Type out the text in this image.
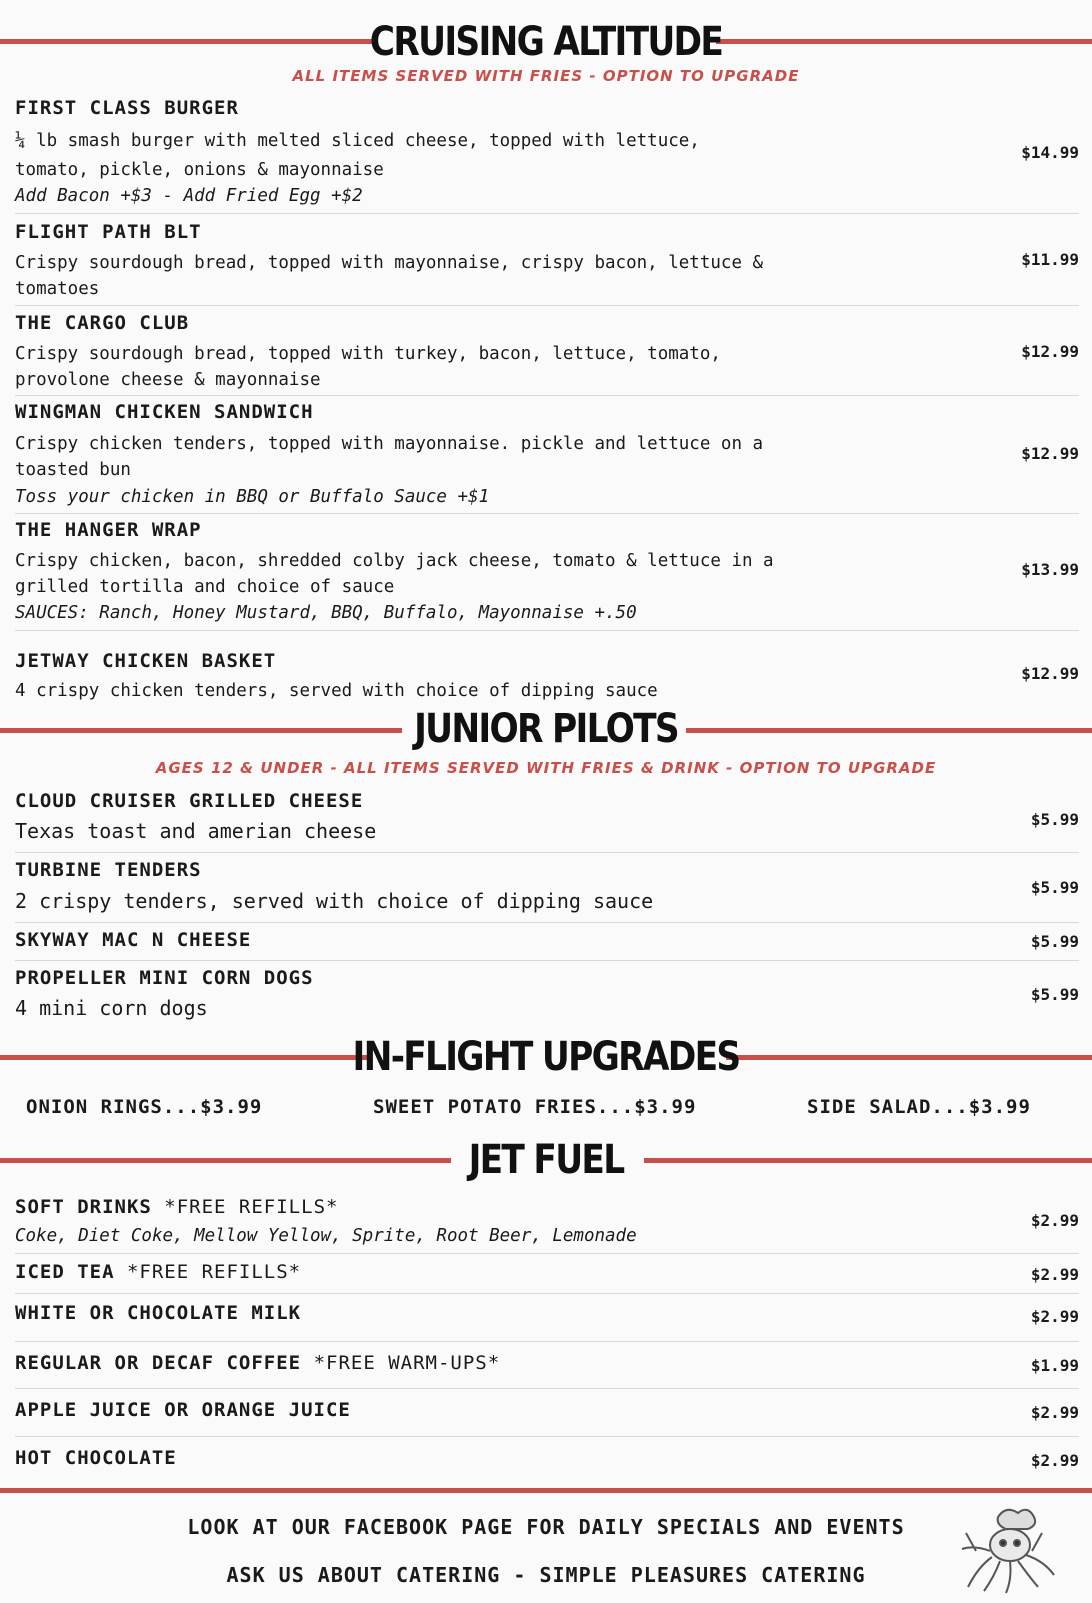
CRUISING ALTITUDE
ALL ITEMS SERVED WITH FRIES - OPTION TO UPGRADE
FIRST CLASS BURGER
¼ lb smash burger with melted sliced cheese, topped with lettuce,
tomato, pickle, onions & mayonnaise
Add Bacon +$3 - Add Fried Egg +$2
$14.99
FLIGHT PATH BLT
Crispy sourdough bread, topped with mayonnaise, crispy bacon, lettuce &
tomatoes
$11.99
THE CARGO CLUB
Crispy sourdough bread, topped with turkey, bacon, lettuce, tomato,
provolone cheese & mayonnaise
$12.99
WINGMAN CHICKEN SANDWICH
Crispy chicken tenders, topped with mayonnaise. pickle and lettuce on a
toasted bun
Toss your chicken in BBQ or Buffalo Sauce +$1
$12.99
THE HANGER WRAP
Crispy chicken, bacon, shredded colby jack cheese, tomato & lettuce in a
grilled tortilla and choice of sauce
SAUCES: Ranch, Honey Mustard, BBQ, Buffalo, Mayonnaise +.50
$13.99
JETWAY CHICKEN BASKET
4 crispy chicken tenders, served with choice of dipping sauce
$12.99
JUNIOR PILOTS
AGES 12 & UNDER - ALL ITEMS SERVED WITH FRIES & DRINK - OPTION TO UPGRADE
CLOUD CRUISER GRILLED CHEESE
Texas toast and amerian cheese	$5.99
TURBINE TENDERS
2 crispy tenders, served with choice of dipping sauce
$5.99
SKYWAY MAC N CHEESE	$5.99
PROPELLER MINI CORN DOGS
4 mini corn dogs
$5.99
IN-FLIGHT UPGRADES
ONION RINGS...$3.99	SWEET POTATO FRIES...$3.99	SIDE SALAD...$3.99
JET FUEL
SOFT DRINKS *FREE REFILLS*
Coke, Diet Coke, Mellow Yellow, Sprite, Root Beer, Lemonade
$2.99
ICED TEA *FREE REFILLS*	$2.99
WHITE OR CHOCOLATE MILK	$2.99
REGULAR OR DECAF COFFEE *FREE WARM-UPS*	$1.99
APPLE JUICE OR ORANGE JUICE	$2.99
HOT CHOCOLATE	$2.99
LOOK AT OUR FACEBOOK PAGE FOR DAILY SPECIALS AND EVENTS
ASK US ABOUT CATERING - SIMPLE PLEASURES CATERING
